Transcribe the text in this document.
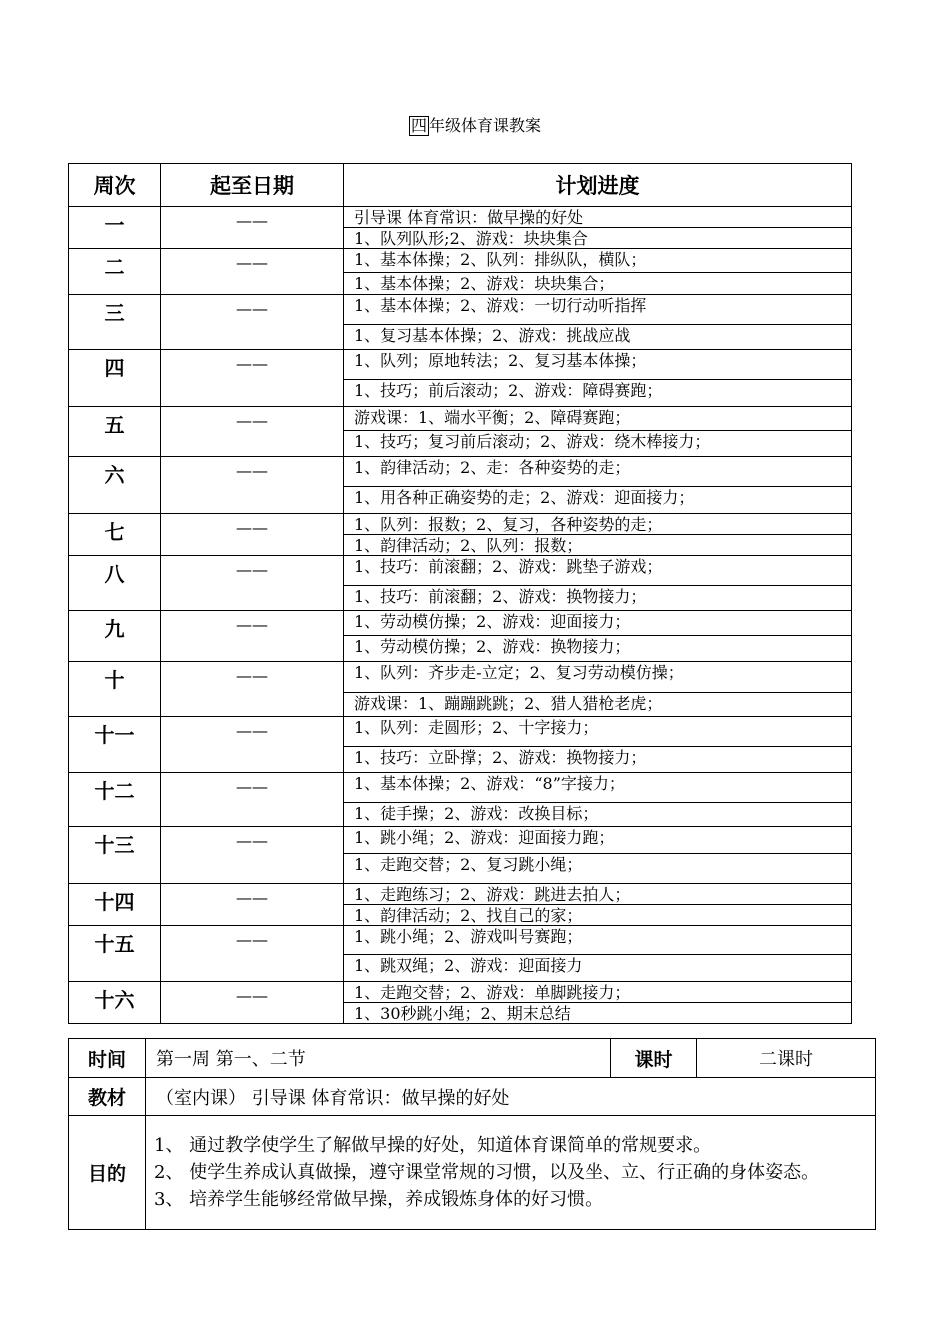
四 年级体育课教案
周次	起至日期	计划进度
一	——	引导课 体育常识：做早操的好处
		1、队列队形;2、游戏：块块集合
二	——	1、基本体操；2、队列：排纵队，横队；
		1、基本体操；2、游戏：块块集合；
三	——	1、基本体操；2、游戏：一切行动听指挥
		1、复习基本体操；2、游戏：挑战应战
四	——	1、队列；原地转法；2、复习基本体操；
		1、技巧；前后滚动；2、游戏：障碍赛跑；
五	——	游戏课：1、端水平衡；2、障碍赛跑；
		1、技巧；复习前后滚动；2、游戏：绕木棒接力；
六	——	1、韵律活动；2、走：各种姿势的走；
		1、用各种正确姿势的走；2、游戏：迎面接力；
七	——	1、队列：报数；2、复习，各种姿势的走；
		1、韵律活动；2、队列：报数；
八	——	1、技巧：前滚翻；2、游戏：跳垫子游戏；
		1、技巧：前滚翻；2、游戏：换物接力；
九	——	1、劳动模仿操；2、游戏：迎面接力；
		1、劳动模仿操；2、游戏：换物接力；
十	——	1、队列：齐步走-立定；2、复习劳动模仿操；
		游戏课：1、蹦蹦跳跳；2、猎人猎枪老虎；
十一	——	1、队列：走圆形；2、十字接力；
		1、技巧：立卧撑；2、游戏：换物接力；
十二	——	1、基本体操；2、游戏：“8”字接力；
		1、徒手操；2、游戏：改换目标；
十三	——	1、跳小绳；2、游戏：迎面接力跑；
		1、走跑交替；2、复习跳小绳；
十四	——	1、走跑练习；2、游戏：跳进去拍人；
		1、韵律活动；2、找自己的家；
十五	——	1、跳小绳；2、游戏叫号赛跑；
		1、跳双绳；2、游戏：迎面接力
十六	——	1、走跑交替；2、游戏：单脚跳接力；
		1、30秒跳小绳；2、期末总结
时间	第一周 第一、二节	课时	二课时
教材	（室内课） 引导课 体育常识：做早操的好处		
目的	1、 通过教学使学生了解做早操的好处，知道体育课简单的常规要求。
2、 使学生养成认真做操，遵守课堂常规的习惯，以及坐、立、行正确的身体姿态。
3、 培养学生能够经常做早操，养成锻炼身体的好习惯。		
